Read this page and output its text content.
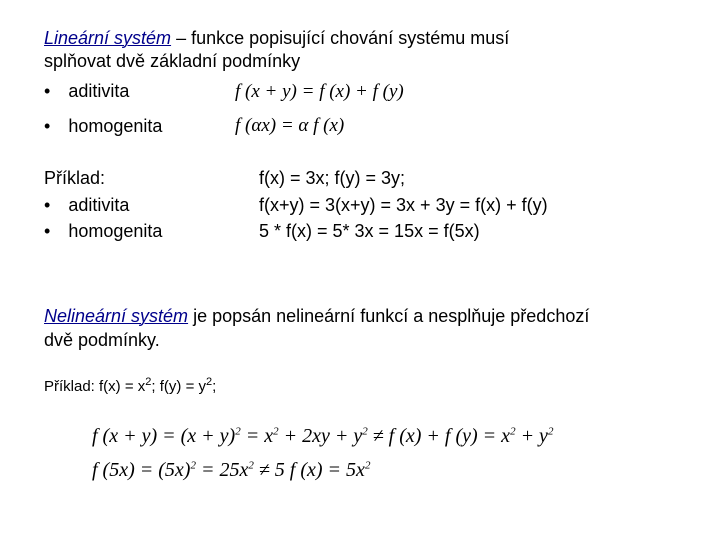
Lineární systém – funkce popisující chování systému musí
splňovat dvě základní podmínky
• aditivita	f (x + y) = f (x) + f (y)
• homogenita	f (αx) = α f (x)
Příklad:
• aditivita
• homogenita
f(x) = 3x; f(y) = 3y;
f(x+y) = 3(x+y) = 3x + 3y = f(x) + f(y)
5 * f(x) = 5* 3x = 15x = f(5x)
Nelineární systém je popsán nelineární funkcí a nesplňuje předchozí
dvě podmínky.
Příklad: $f(x) = x^2$; $f(y) = y^2$;
f $(x + y) = (x + y)^2 = x^2 + 2xy + y^2 \ne f$ (x) + f $(y) = x^2 + y^2$
f $(5x) = (5x)^2 = 25x^2 \ne 5$ f $(x) = 5x^2$
